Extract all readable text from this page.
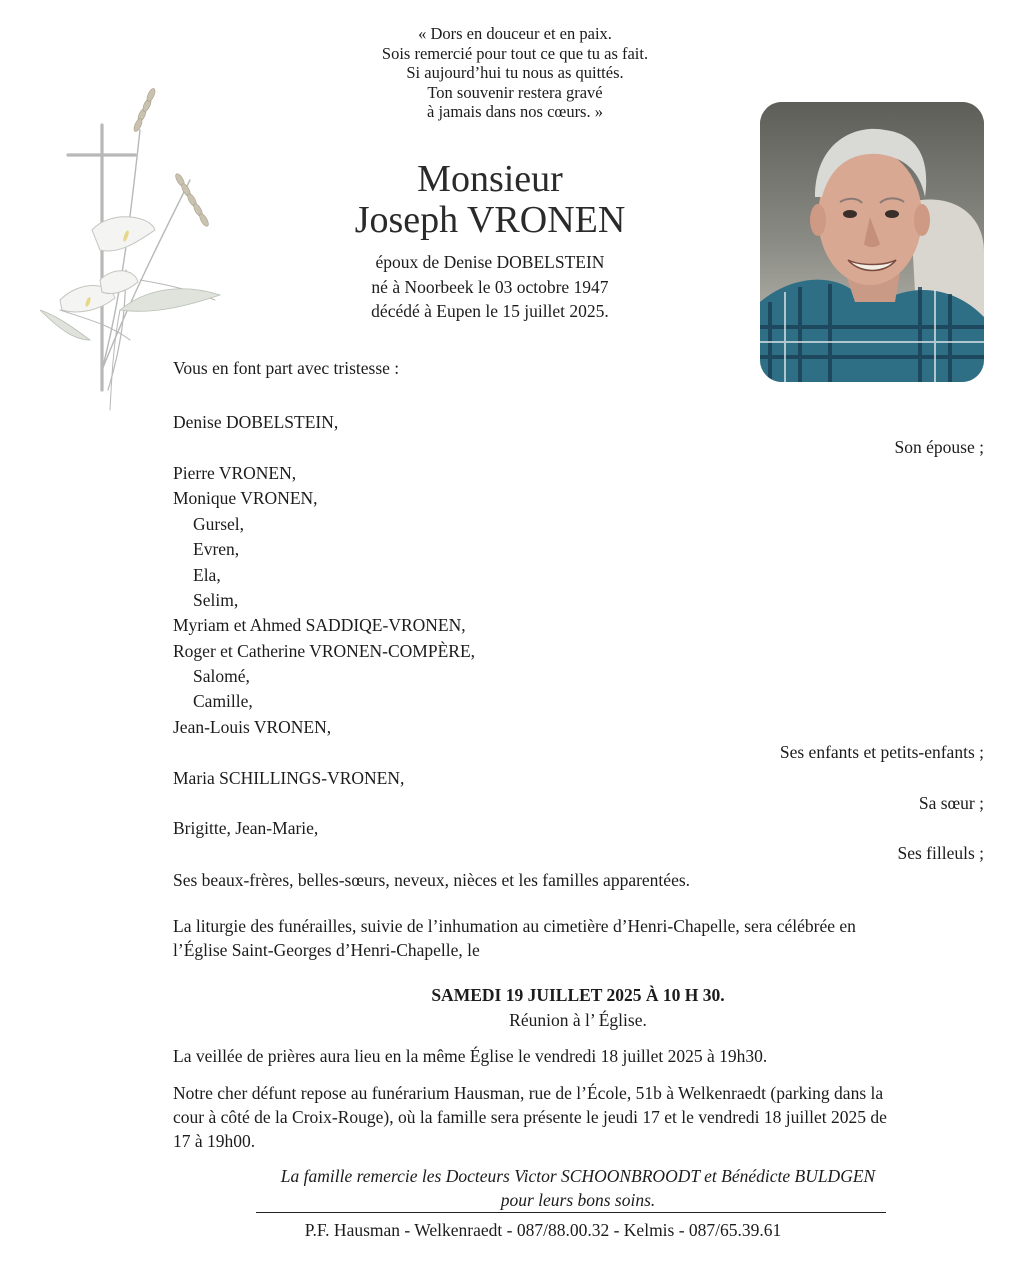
« Dors en douceur et en paix.
Sois remercié pour tout ce que tu as fait.
Si aujourd’hui tu nous as quittés.
Ton souvenir restera gravé
à jamais dans nos cœurs. »
Monsieur
Joseph VRONEN
époux de Denise DOBELSTEIN
né à Noorbeek le 03 octobre 1947
décédé à Eupen le 15 juillet 2025.
Vous en font part avec tristesse :
Denise DOBELSTEIN,
Son épouse ;
Pierre VRONEN,
Monique VRONEN,
Gursel,
Evren,
Ela,
Selim,
Myriam et Ahmed SADDIQE-VRONEN,
Roger et Catherine VRONEN-COMPÈRE,
Salomé,
Camille,
Jean-Louis VRONEN,
Ses enfants et petits-enfants ;
Maria SCHILLINGS-VRONEN,
Sa sœur ;
Brigitte, Jean-Marie,
Ses filleuls ;
Ses beaux-frères, belles-sœurs, neveux, nièces et les familles apparentées.
La liturgie des funérailles, suivie de l’inhumation au cimetière d’Henri-Chapelle, sera célébrée en
l’Église Saint-Georges d’Henri-Chapelle, le
SAMEDI 19 JUILLET 2025 À 10 H 30.
Réunion à l’ Église.
La veillée de prières aura lieu en la même Église le vendredi 18 juillet 2025 à 19h30.
Notre cher défunt repose au funérarium Hausman, rue de l’École, 51b à Welkenraedt (parking dans la
cour à côté de la Croix-Rouge), où la famille sera présente le jeudi 17 et le vendredi 18 juillet 2025 de
17 à 19h00.
La famille remercie les Docteurs Victor SCHOONBROODT et Bénédicte BULDGEN
pour leurs bons soins.
P.F. Hausman - Welkenraedt - 087/88.00.32 - Kelmis - 087/65.39.61
